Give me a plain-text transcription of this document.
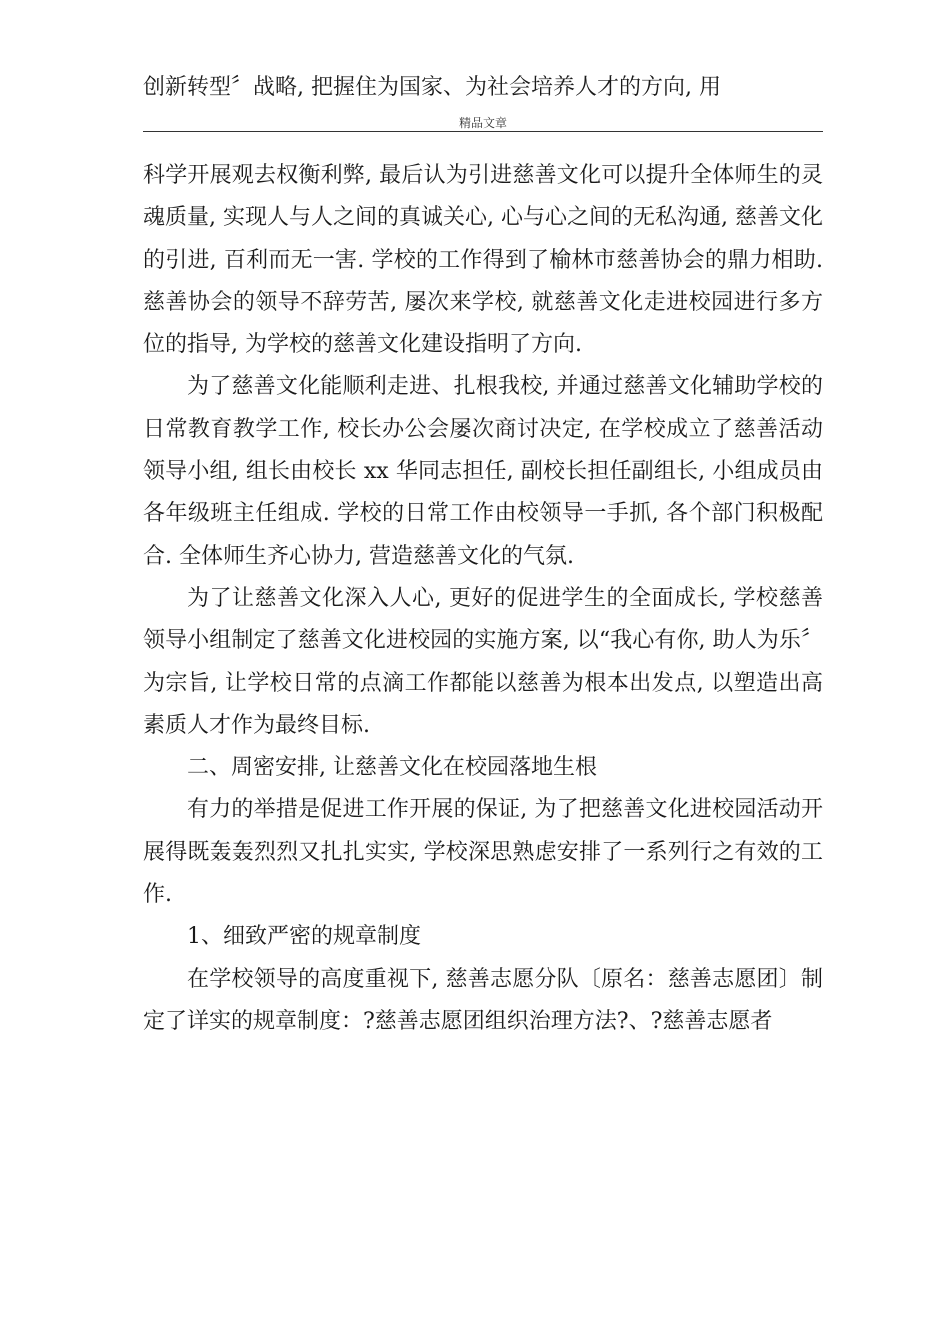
创新转型〞战略, 把握住为国家、为社会培养人才的方向, 用
精品文章

科学开展观去权衡利弊, 最后认为引进慈善文化可以提升全体师生的灵魂质量, 实现人与人之间的真诚关心, 心与心之间的无私沟通, 慈善文化的引进, 百利而无一害. 学校的工作得到了榆林市慈善协会的鼎力相助. 慈善协会的领导不辞劳苦, 屡次来学校, 就慈善文化走进校园进行多方位的指导, 为学校的慈善文化建设指明了方向.

为了慈善文化能顺利走进、扎根我校, 并通过慈善文化辅助学校的日常教育教学工作, 校长办公会屡次商讨决定, 在学校成立了慈善活动领导小组, 组长由校长 xx 华同志担任, 副校长担任副组长, 小组成员由各年级班主任组成. 学校的日常工作由校领导一手抓, 各个部门积极配合. 全体师生齐心协力, 营造慈善文化的气氛.

为了让慈善文化深入人心, 更好的促进学生的全面成长, 学校慈善领导小组制定了慈善文化进校园的实施方案, 以“我心有你, 助人为乐〞为宗旨, 让学校日常的点滴工作都能以慈善为根本出发点, 以塑造出高素质人才作为最终目标.

二、周密安排, 让慈善文化在校园落地生根

有力的举措是促进工作开展的保证, 为了把慈善文化进校园活动开展得既轰轰烈烈又扎扎实实, 学校深思熟虑安排了一系列行之有效的工作.

1、细致严密的规章制度

在学校领导的高度重视下, 慈善志愿分队〔原名：慈善志愿团〕制定了详实的规章制度：?慈善志愿团组织治理方法?、?慈善志愿者
